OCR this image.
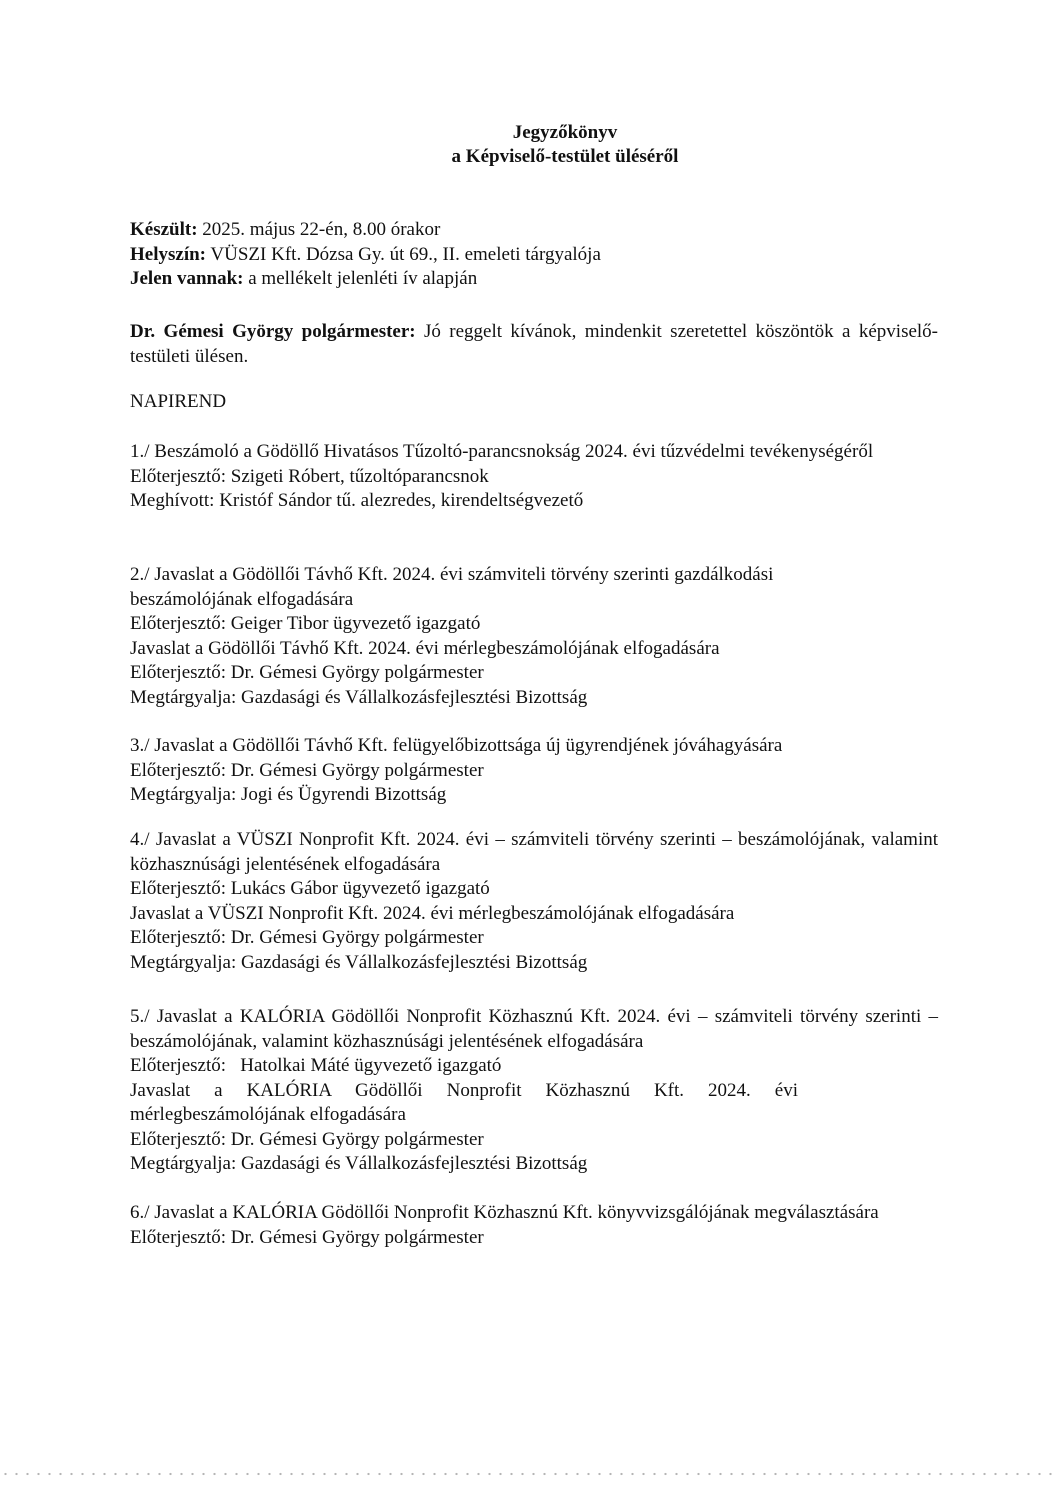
Jegyzőkönyv
a Képviselő-testület üléséről

Készült: 2025. május 22-én, 8.00 órakor

Helyszín: VÜSZI Kft. Dózsa Gy. út 69., II. emeleti tárgyalója

Jelen vannak: a mellékelt jelenléti ív alapján

Dr. Gémesi György polgármester: Jó reggelt kívánok, mindenkit szeretettel köszöntök a képviselő-testületi ülésen.

NAPIREND

1./ Beszámoló a Gödöllő Hivatásos Tűzoltó-parancsnokság 2024. évi tűzvédelmi tevékenységéről

Előterjesztő: Szigeti Róbert, tűzoltóparancsnok

Meghívott: Kristóf Sándor tű. alezredes, kirendeltségvezető

2./ Javaslat a Gödöllői Távhő Kft. 2024. évi számviteli törvény szerinti gazdálkodási beszámolójának elfogadására

Előterjesztő: Geiger Tibor ügyvezető igazgató

Javaslat a Gödöllői Távhő Kft. 2024. évi mérlegbeszámolójának elfogadására

Előterjesztő: Dr. Gémesi György polgármester

Megtárgyalja: Gazdasági és Vállalkozásfejlesztési Bizottság

3./ Javaslat a Gödöllői Távhő Kft. felügyelőbizottsága új ügyrendjének jóváhagyására

Előterjesztő: Dr. Gémesi György polgármester

Megtárgyalja: Jogi és Ügyrendi Bizottság

4./ Javaslat a VÜSZI Nonprofit Kft. 2024. évi – számviteli törvény szerinti – beszámolójának, valamint közhasznúsági jelentésének elfogadására

Előterjesztő: Lukács Gábor ügyvezető igazgató

Javaslat a VÜSZI Nonprofit Kft. 2024. évi mérlegbeszámolójának elfogadására

Előterjesztő: Dr. Gémesi György polgármester

Megtárgyalja: Gazdasági és Vállalkozásfejlesztési Bizottság

5./ Javaslat a KALÓRIA Gödöllői Nonprofit Közhasznú Kft. 2024. évi – számviteli törvény szerinti – beszámolójának, valamint közhasznúsági jelentésének elfogadására

Előterjesztő:   Hatolkai Máté ügyvezető igazgató

Javaslat a KALÓRIA Gödöllői Nonprofit Közhasznú Kft. 2024. évi mérlegbeszámolójának elfogadására

Előterjesztő: Dr. Gémesi György polgármester

Megtárgyalja: Gazdasági és Vállalkozásfejlesztési Bizottság

6./ Javaslat a KALÓRIA Gödöllői Nonprofit Közhasznú Kft. könyvvizsgálójának megválasztására

Előterjesztő: Dr. Gémesi György polgármester
